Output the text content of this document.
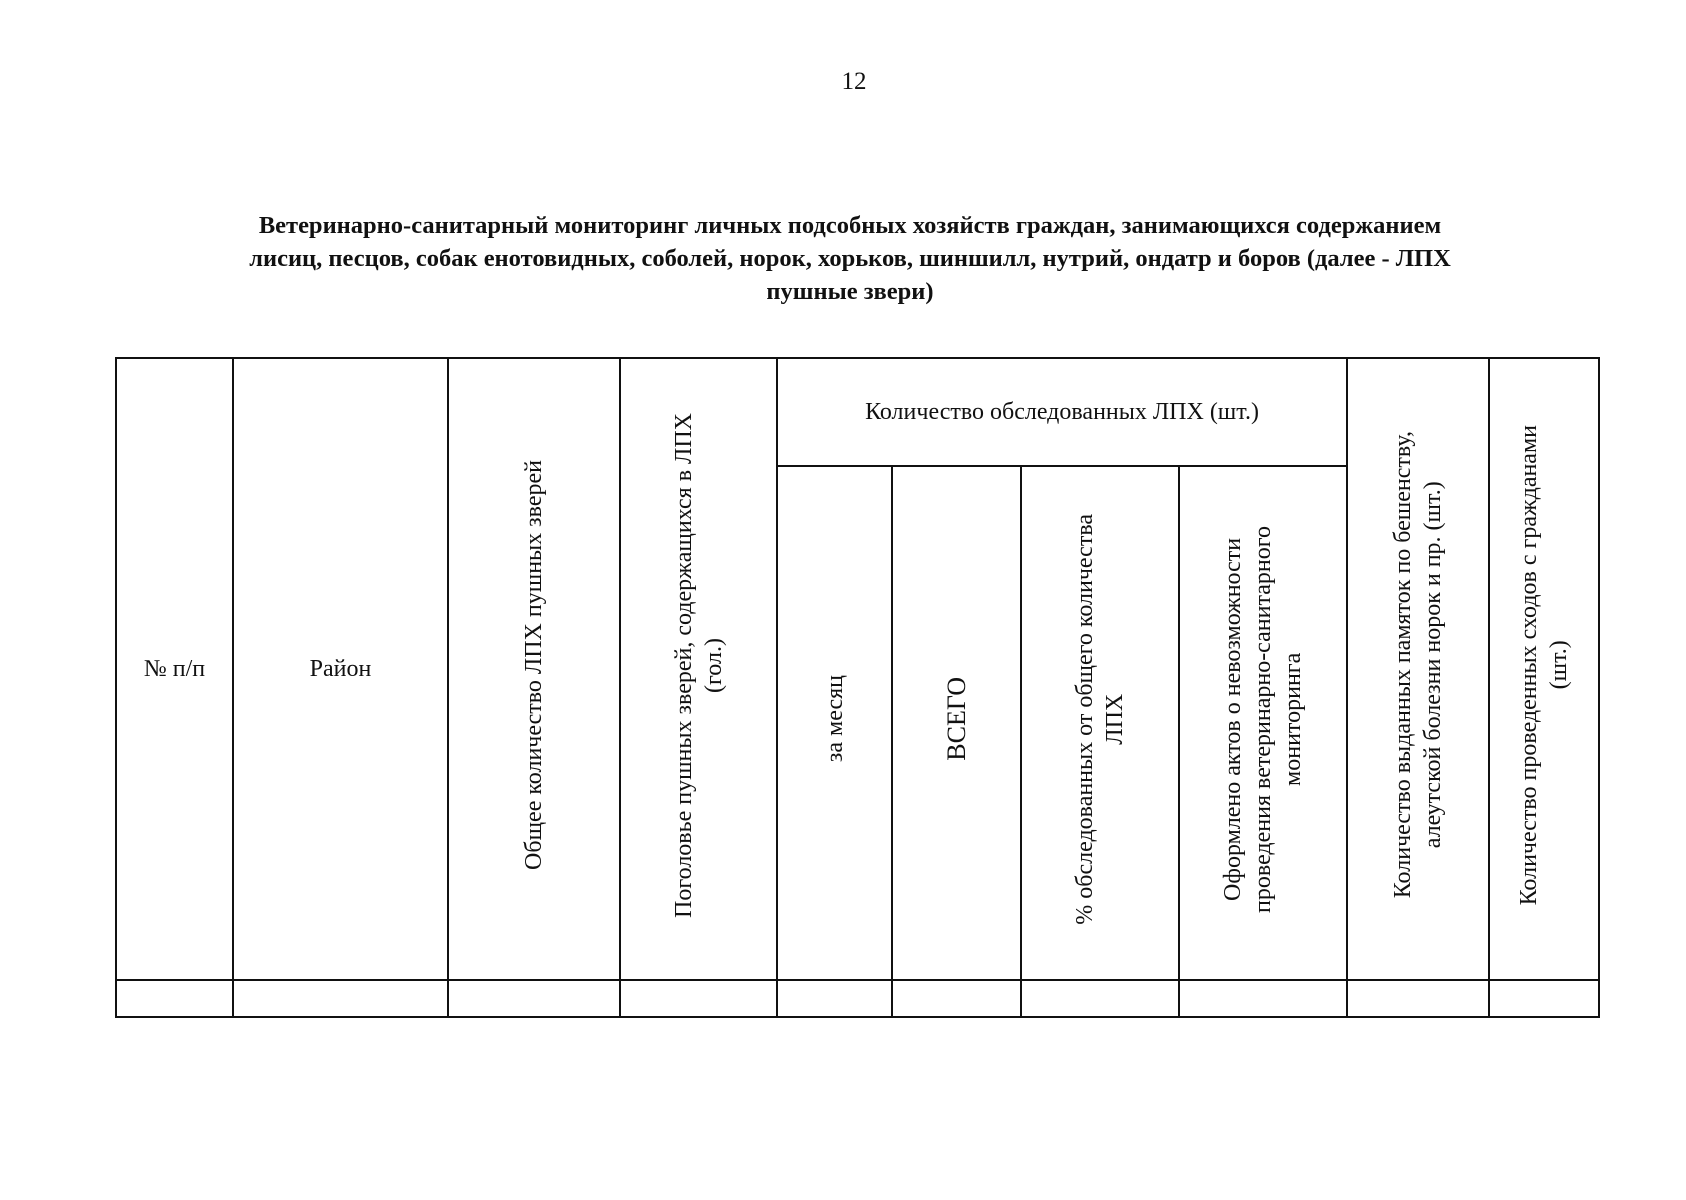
12
Ветеринарно-санитарный мониторинг личных подсобных хозяйств граждан, занимающихся содержанием
лисиц, песцов, собак енотовидных, соболей, норок, хорьков, шиншилл, нутрий, ондатр и боров (далее - ЛПХ
пушные звери)
№ п/п	Район	Общее количество ЛПХ пушных зверей	Поголовье пушных зверей, содержащихся в ЛПХ (гол.)	Количество обследованных ЛПХ (шт.)				Количество выданных памяток по бешенству, алеутской болезни норок и пр. (шт.)	Количество проведенных сходов с гражданами (шт.)
				за месяц	ВСЕГО	% обследованных от общего количества ЛПХ	Оформлено актов о невозможности проведения ветеринарно-санитарного мониторинга		
